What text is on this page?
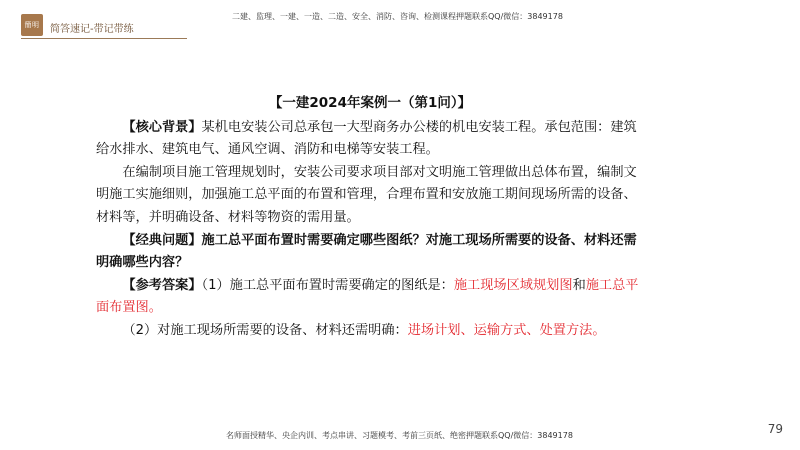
簡明	简答速记-带记带练
二建、监理、一建、一造、二造、安全、消防、咨询、检测课程押题联系QQ/微信：3849178
【一建2024年案例一（第1问）】

【核心背景】某机电安装公司总承包一大型商务办公楼的机电安装工程。承包范围：建筑给水排水、建筑电气、通风空调、消防和电梯等安装工程。

在编制项目施工管理规划时，安装公司要求项目部对文明施工管理做出总体布置，编制文明施工实施细则，加强施工总平面的布置和管理，合理布置和安放施工期间现场所需的设备、材料等，并明确设备、材料等物资的需用量。

【经典问题】施工总平面布置时需要确定哪些图纸？对施工现场所需要的设备、材料还需明确哪些内容？

【参考答案】（1）施工总平面布置时需要确定的图纸是：施工现场区域规划图和施工总平面布置图。

（2）对施工现场所需要的设备、材料还需明确：进场计划、运输方式、处置方法。

79
名师面授精华、央企内训、考点串讲、习题模考、考前三页纸、绝密押题联系QQ/微信：3849178
